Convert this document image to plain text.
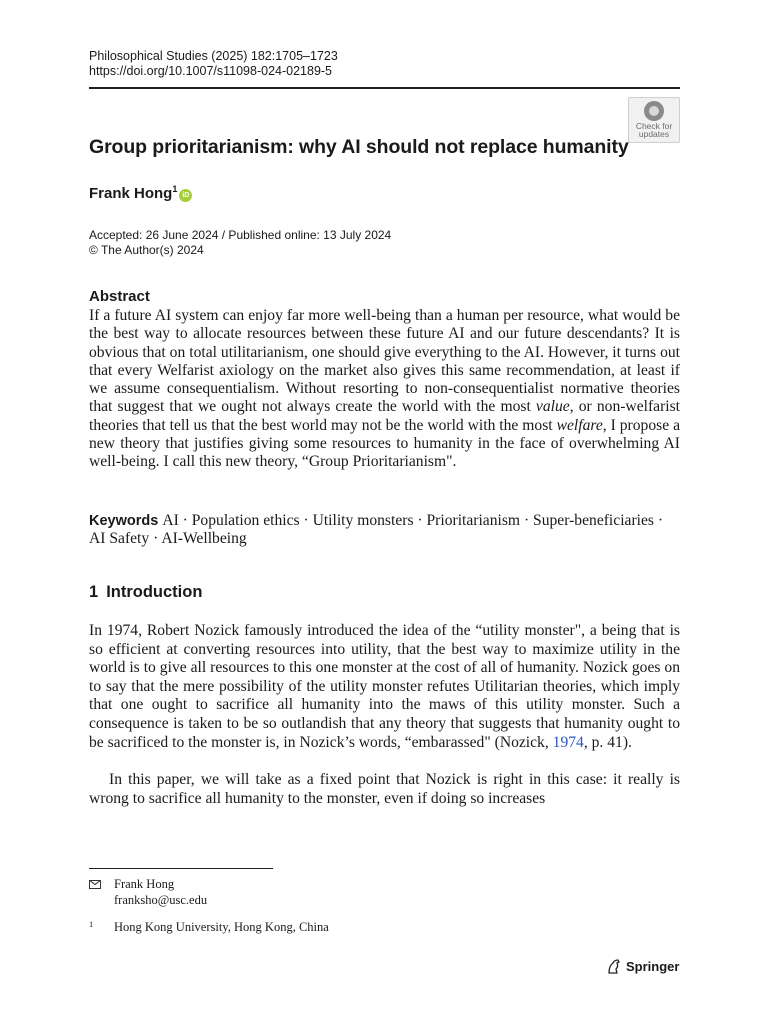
Philosophical Studies (2025) 182:1705–1723
https://doi.org/10.1007/s11098-024-02189-5
Check for
updates
Group prioritarianism: why AI should not replace humanity
Frank Hong$^1$iD
Accepted: 26 June 2024 / Published online: 13 July 2024
© The Author(s) 2024
Abstract

If a future AI system can enjoy far more well-being than a human per resource, what would be the best way to allocate resources between these future AI and our future descendants? It is obvious that on total utilitarianism, one should give everything to the AI. However, it turns out that every Welfarist axiology on the market also gives this same recommendation, at least if we assume consequentialism. Without resorting to non-consequentialist normative theories that suggest that we ought not always create the world with the most value, or non-welfarist theories that tell us that the best world may not be the world with the most welfare, I propose a new theory that justifies giving some resources to humanity in the face of overwhelming AI well-being. I call this new theory, “Group Prioritarianism".

Keywords AI · Population ethics · Utility monsters · Prioritarianism · Super-beneficiaries · AI Safety · AI-Wellbeing

1 Introduction

In 1974, Robert Nozick famously introduced the idea of the “utility monster", a being that is so efficient at converting resources into utility, that the best way to maximize utility in the world is to give all resources to this one monster at the cost of all of humanity. Nozick goes on to say that the mere possibility of the utility monster refutes Utilitarian theories, which imply that one ought to sacrifice all humanity into the maws of this utility monster. Such a consequence is taken to be so outlandish that any theory that suggests that humanity ought to be sacrificed to the monster is, in Nozick’s words, “embarassed" (Nozick, 1974, p. 41).

In this paper, we will take as a fixed point that Nozick is right in this case: it really is wrong to sacrifice all humanity to the monster, even if doing so increases

Frank Hong
franksho@usc.edu
1 Hong Kong University, Hong Kong, China
Springer
